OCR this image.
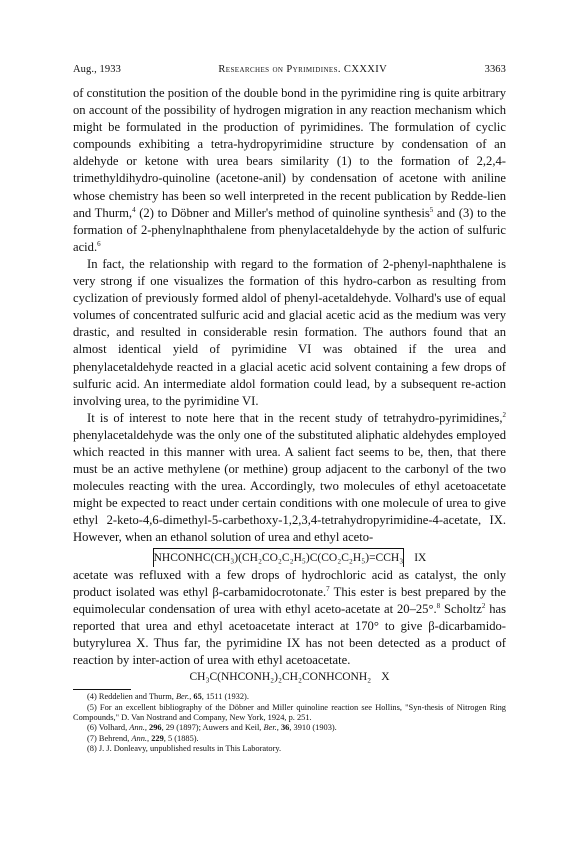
Aug., 1933	Researches on Pyrimidines. CXXXIV	3363

of constitution the position of the double bond in the pyrimidine ring is quite arbitrary on account of the possibility of hydrogen migration in any reaction mechanism which might be formulated in the production of pyrimidines. The formulation of cyclic compounds exhibiting a tetra-hydropyrimidine structure by condensation of an aldehyde or ketone with urea bears similarity (1) to the formation of 2,2,4-trimethyldihydro-quinoline (acetone-anil) by condensation of acetone with aniline whose chemistry has been so well interpreted in the recent publication by Redde-lien and Thurm,$^4$ (2) to Döbner and Miller's method of quinoline synthesis$^5$ and (3) to the formation of 2-phenylnaphthalene from phenylacetaldehyde by the action of sulfuric acid.$^6$

In fact, the relationship with regard to the formation of 2-phenyl-naphthalene is very strong if one visualizes the formation of this hydro-carbon as resulting from cyclization of previously formed aldol of phenyl-acetaldehyde. Volhard's use of equal volumes of concentrated sulfuric acid and glacial acetic acid as the medium was very drastic, and resulted in considerable resin formation. The authors found that an almost identical yield of pyrimidine VI was obtained if the urea and phenylacetaldehyde reacted in a glacial acetic acid solvent containing a few drops of sulfuric acid. An intermediate aldol formation could lead, by a subsequent re-action involving urea, to the pyrimidine VI.

It is of interest to note here that in the recent study of tetrahydro-pyrimidines,$^2$ phenylacetaldehyde was the only one of the substituted aliphatic aldehydes employed which reacted in this manner with urea. A salient fact seems to be, then, that there must be an active methylene (or methine) group adjacent to the carbonyl of the two molecules reacting with the urea. Accordingly, two molecules of ethyl acetoacetate might be expected to react under certain conditions with one molecule of urea to give ethyl 2-keto-4,6-dimethyl-5-carbethoxy-1,2,3,4-tetrahydropyrimidine-4-acetate, IX. However, when an ethanol solution of urea and ethyl aceto-

NHCONHC(CH₃)(CH₂CO₂C₂H₅)C(CO₂C₂H₅)=CCH₃ IX

acetate was refluxed with a few drops of hydrochloric acid as catalyst, the only product isolated was ethyl β-carbamidocrotonate.$^7$ This ester is best prepared by the equimolecular condensation of urea with ethyl aceto-acetate at 20–25°.$^8$ Scholtz$^2$ has reported that urea and ethyl acetoacetate interact at 170° to give β-dicarbamido-butyrylurea X. Thus far, the pyrimidine IX has not been detected as a product of reaction by inter-action of urea with ethyl acetoacetate.

CH₃C(NHCONH₂)₂CH₂CONHCONH₂ X

(4) Reddelien and Thurm, Ber., 65, 1511 (1932).

(5) For an excellent bibliography of the Döbner and Miller quinoline reaction see Hollins, "Syn-thesis of Nitrogen Ring Compounds," D. Van Nostrand and Company, New York, 1924, p. 251.

(6) Volhard, Ann., 296, 29 (1897); Auwers and Keil, Ber., 36, 3910 (1903).

(7) Behrend, Ann., 229, 5 (1885).

(8) J. J. Donleavy, unpublished results in This Laboratory.
